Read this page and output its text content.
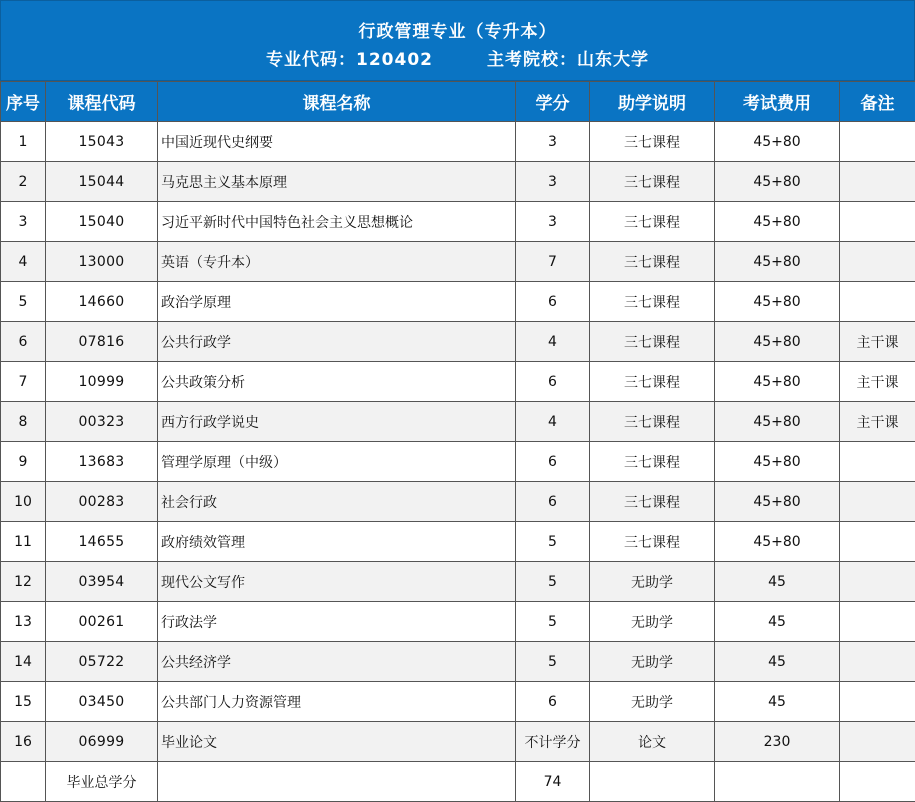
行政管理专业（专升本）
专业代码：120402	主考院校：山东大学
序号	课程代码	课程名称	学分	助学说明	考试费用	备注
1	15043	中国近现代史纲要	3	三七课程	45+80	
2	15044	马克思主义基本原理	3	三七课程	45+80	
3	15040	习近平新时代中国特色社会主义思想概论	3	三七课程	45+80	
4	13000	英语（专升本）	7	三七课程	45+80	
5	14660	政治学原理	6	三七课程	45+80	
6	07816	公共行政学	4	三七课程	45+80	主干课
7	10999	公共政策分析	6	三七课程	45+80	主干课
8	00323	西方行政学说史	4	三七课程	45+80	主干课
9	13683	管理学原理（中级）	6	三七课程	45+80	
10	00283	社会行政	6	三七课程	45+80	
11	14655	政府绩效管理	5	三七课程	45+80	
12	03954	现代公文写作	5	无助学	45	
13	00261	行政法学	5	无助学	45	
14	05722	公共经济学	5	无助学	45	
15	03450	公共部门人力资源管理	6	无助学	45	
16	06999	毕业论文	不计学分	论文	230	
	毕业总学分		74			
